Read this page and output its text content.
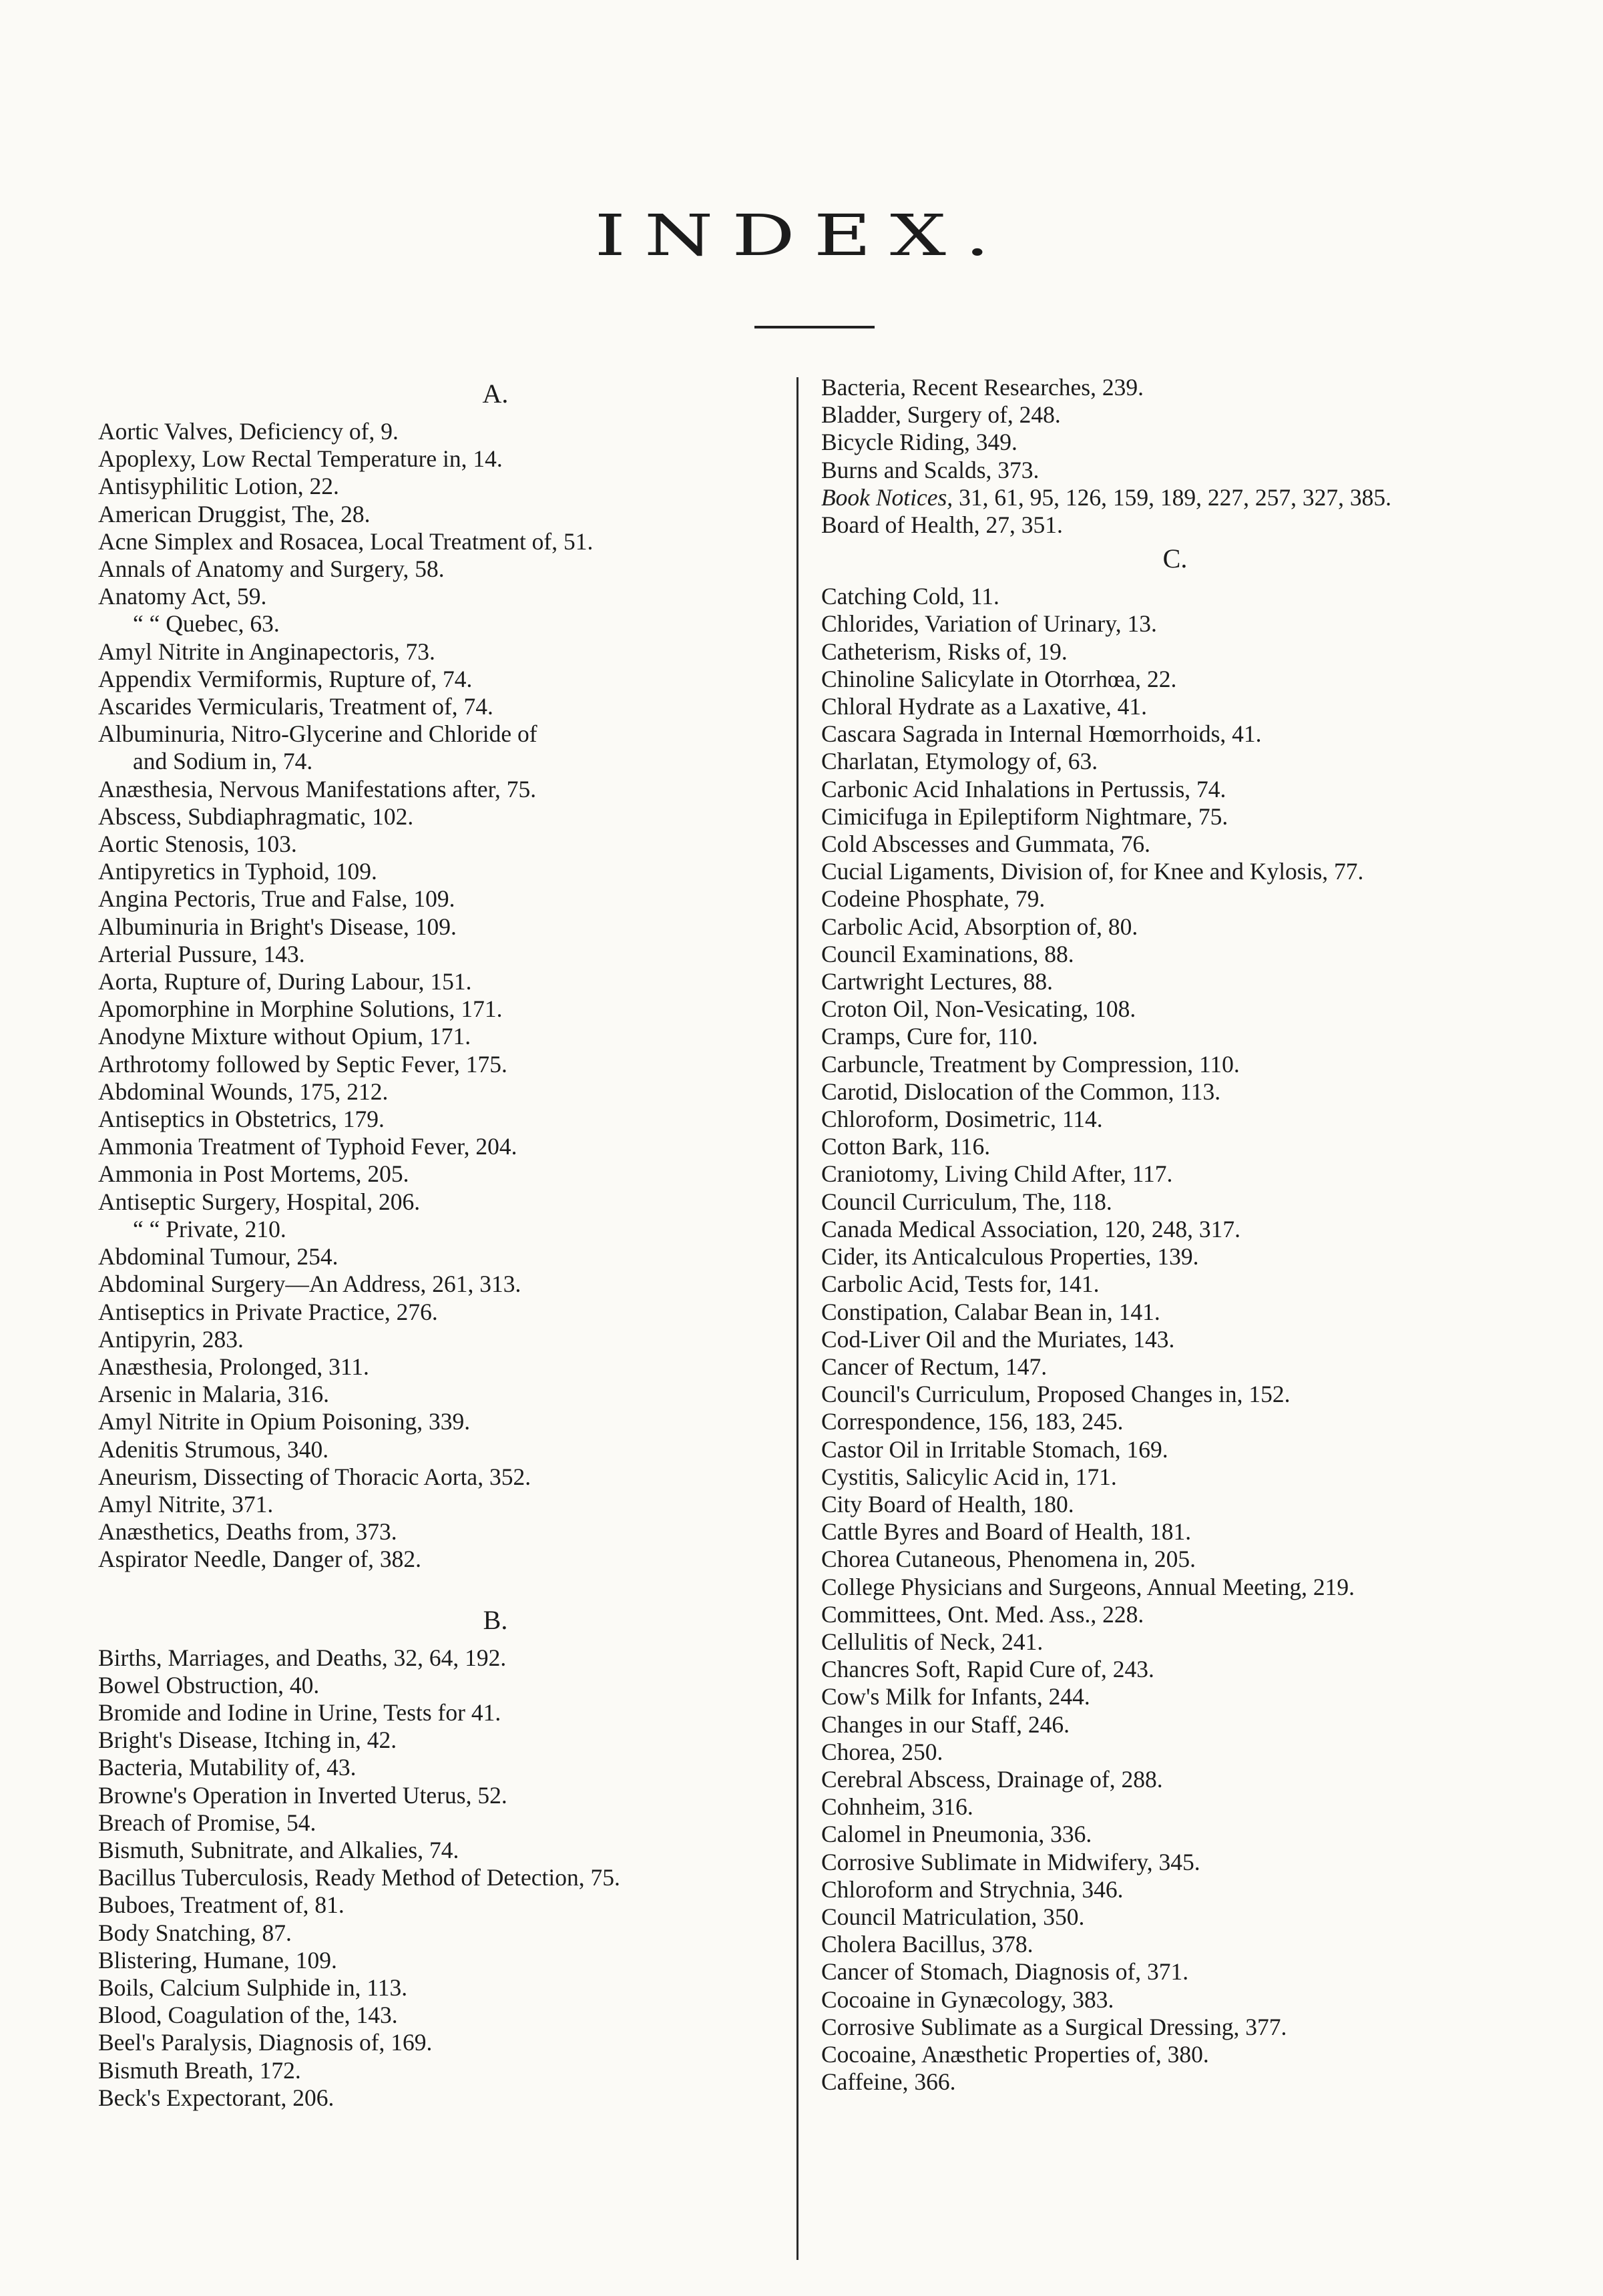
INDEX.
A.
Aortic Valves, Deficiency of, 9.
Apoplexy, Low Rectal Temperature in, 14.
Antisyphilitic Lotion, 22.
American Druggist, The, 28.
Acne Simplex and Rosacea, Local Treatment of, 51.
Annals of Anatomy and Surgery, 58.
Anatomy Act, 59.
“ “ Quebec, 63.
Amyl Nitrite in Anginapectoris, 73.
Appendix Vermiformis, Rupture of, 74.
Ascarides Vermicularis, Treatment of, 74.
Albuminuria, Nitro-Glycerine and Chloride of
and Sodium in, 74.
Anæsthesia, Nervous Manifestations after, 75.
Abscess, Subdiaphragmatic, 102.
Aortic Stenosis, 103.
Antipyretics in Typhoid, 109.
Angina Pectoris, True and False, 109.
Albuminuria in Bright's Disease, 109.
Arterial Pussure, 143.
Aorta, Rupture of, During Labour, 151.
Apomorphine in Morphine Solutions, 171.
Anodyne Mixture without Opium, 171.
Arthrotomy followed by Septic Fever, 175.
Abdominal Wounds, 175, 212.
Antiseptics in Obstetrics, 179.
Ammonia Treatment of Typhoid Fever, 204.
Ammonia in Post Mortems, 205.
Antiseptic Surgery, Hospital, 206.
“ “ Private, 210.
Abdominal Tumour, 254.
Abdominal Surgery—An Address, 261, 313.
Antiseptics in Private Practice, 276.
Antipyrin, 283.
Anæsthesia, Prolonged, 311.
Arsenic in Malaria, 316.
Amyl Nitrite in Opium Poisoning, 339.
Adenitis Strumous, 340.
Aneurism, Dissecting of Thoracic Aorta, 352.
Amyl Nitrite, 371.
Anæsthetics, Deaths from, 373.
Aspirator Needle, Danger of, 382.
B.
Births, Marriages, and Deaths, 32, 64, 192.
Bowel Obstruction, 40.
Bromide and Iodine in Urine, Tests for 41.
Bright's Disease, Itching in, 42.
Bacteria, Mutability of, 43.
Browne's Operation in Inverted Uterus, 52.
Breach of Promise, 54.
Bismuth, Subnitrate, and Alkalies, 74.
Bacillus Tuberculosis, Ready Method of Detection, 75.
Buboes, Treatment of, 81.
Body Snatching, 87.
Blistering, Humane, 109.
Boils, Calcium Sulphide in, 113.
Blood, Coagulation of the, 143.
Beel's Paralysis, Diagnosis of, 169.
Bismuth Breath, 172.
Beck's Expectorant, 206.
Bacteria, Recent Researches, 239.
Bladder, Surgery of, 248.
Bicycle Riding, 349.
Burns and Scalds, 373.
Book Notices, 31, 61, 95, 126, 159, 189, 227, 257, 327, 385.
Board of Health, 27, 351.
C.
Catching Cold, 11.
Chlorides, Variation of Urinary, 13.
Catheterism, Risks of, 19.
Chinoline Salicylate in Otorrhœa, 22.
Chloral Hydrate as a Laxative, 41.
Cascara Sagrada in Internal Hœmorrhoids, 41.
Charlatan, Etymology of, 63.
Carbonic Acid Inhalations in Pertussis, 74.
Cimicifuga in Epileptiform Nightmare, 75.
Cold Abscesses and Gummata, 76.
Cucial Ligaments, Division of, for Knee and Kylosis, 77.
Codeine Phosphate, 79.
Carbolic Acid, Absorption of, 80.
Council Examinations, 88.
Cartwright Lectures, 88.
Croton Oil, Non-Vesicating, 108.
Cramps, Cure for, 110.
Carbuncle, Treatment by Compression, 110.
Carotid, Dislocation of the Common, 113.
Chloroform, Dosimetric, 114.
Cotton Bark, 116.
Craniotomy, Living Child After, 117.
Council Curriculum, The, 118.
Canada Medical Association, 120, 248, 317.
Cider, its Anticalculous Properties, 139.
Carbolic Acid, Tests for, 141.
Constipation, Calabar Bean in, 141.
Cod-Liver Oil and the Muriates, 143.
Cancer of Rectum, 147.
Council's Curriculum, Proposed Changes in, 152.
Correspondence, 156, 183, 245.
Castor Oil in Irritable Stomach, 169.
Cystitis, Salicylic Acid in, 171.
City Board of Health, 180.
Cattle Byres and Board of Health, 181.
Chorea Cutaneous, Phenomena in, 205.
College Physicians and Surgeons, Annual Meeting, 219.
Committees, Ont. Med. Ass., 228.
Cellulitis of Neck, 241.
Chancres Soft, Rapid Cure of, 243.
Cow's Milk for Infants, 244.
Changes in our Staff, 246.
Chorea, 250.
Cerebral Abscess, Drainage of, 288.
Cohnheim, 316.
Calomel in Pneumonia, 336.
Corrosive Sublimate in Midwifery, 345.
Chloroform and Strychnia, 346.
Council Matriculation, 350.
Cholera Bacillus, 378.
Cancer of Stomach, Diagnosis of, 371.
Cocoaine in Gynæcology, 383.
Corrosive Sublimate as a Surgical Dressing, 377.
Cocoaine, Anæsthetic Properties of, 380.
Caffeine, 366.
